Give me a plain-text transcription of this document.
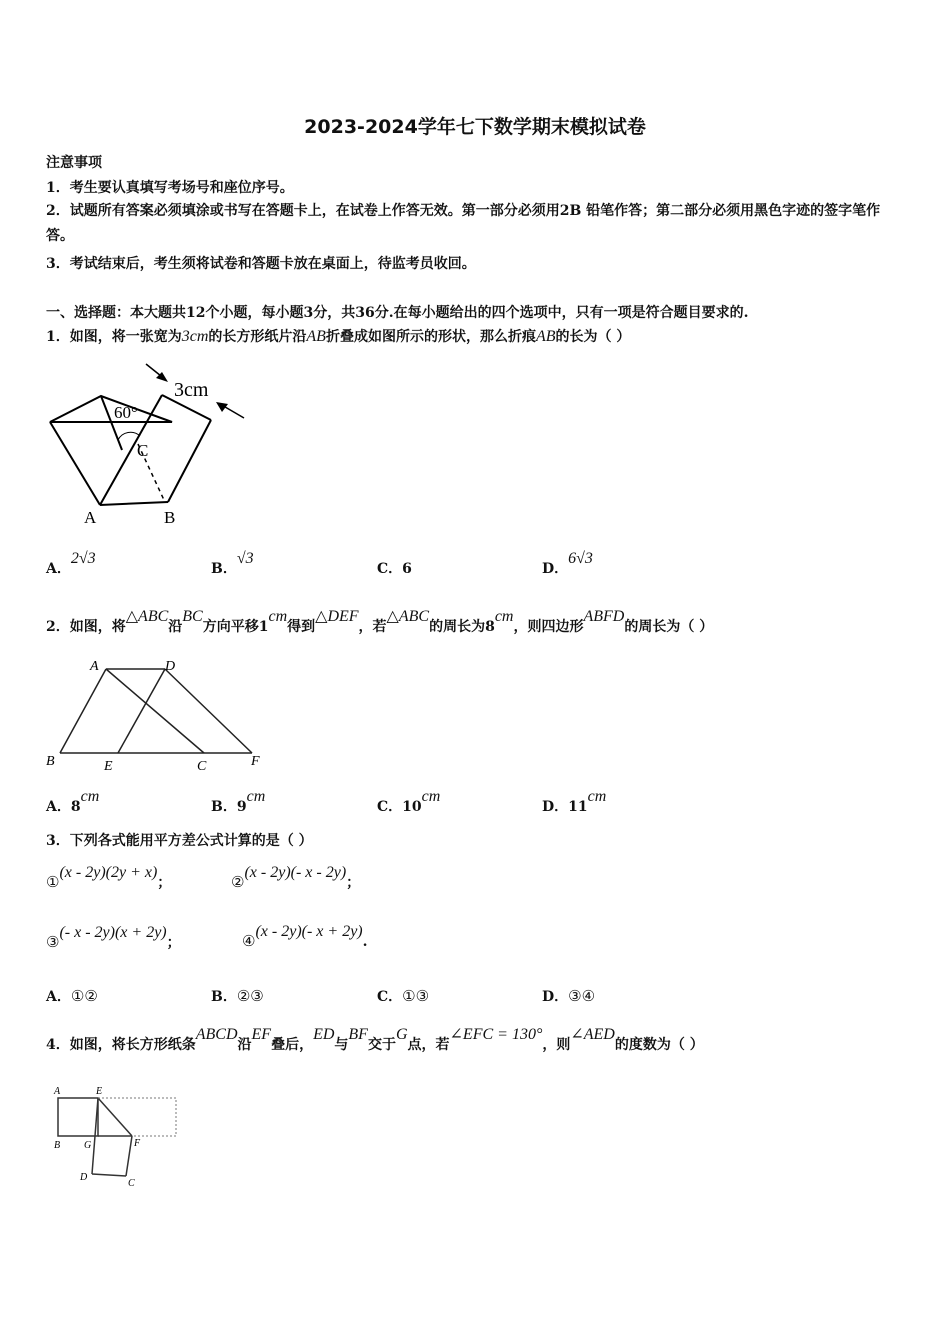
2023-2024学年七下数学期末模拟试卷
注意事项
1．考生要认真填写考场号和座位序号。
2．试题所有答案必须填涂或书写在答题卡上，在试卷上作答无效。第一部分必须用2B 铅笔作答；第二部分必须用黑色字迹的签字笔作答。
3．考试结束后，考生须将试卷和答题卡放在桌面上，待监考员收回。
一、选择题：本大题共12个小题，每小题3分，共36分.在每小题给出的四个选项中，只有一项是符合题目要求的.
1．如图，将一张宽为3cm的长方形纸片沿AB折叠成如图所示的形状，那么折痕AB的长为（ ）
3cm
60°
C
A	B
A．2√3
B．√3
C．6	D．6√3
2．如图，将△ABC沿BC方向平移1cm得到△DEF，若△ABC的周长为8cm，则四边形ABFD的周长为（ ）
A	D
B	E	C	F
A．8cm
B．9cm
C．10cm
D．11cm
3．下列各式能用平方差公式计算的是（ ）
①(x - 2y)(2y + x)；	②(x - 2y)(- x - 2y)；
③(- x - 2y)(x + 2y)；	④(x - 2y)(- x + 2y).
A．①②	B．②③	C．①③	D．③④
4．如图，将长方形纸条ABCD沿EF叠后，ED与BF交于G点，若∠EFC = 130°，则∠AED的度数为（ ）
A	E
B G	F
D
C
